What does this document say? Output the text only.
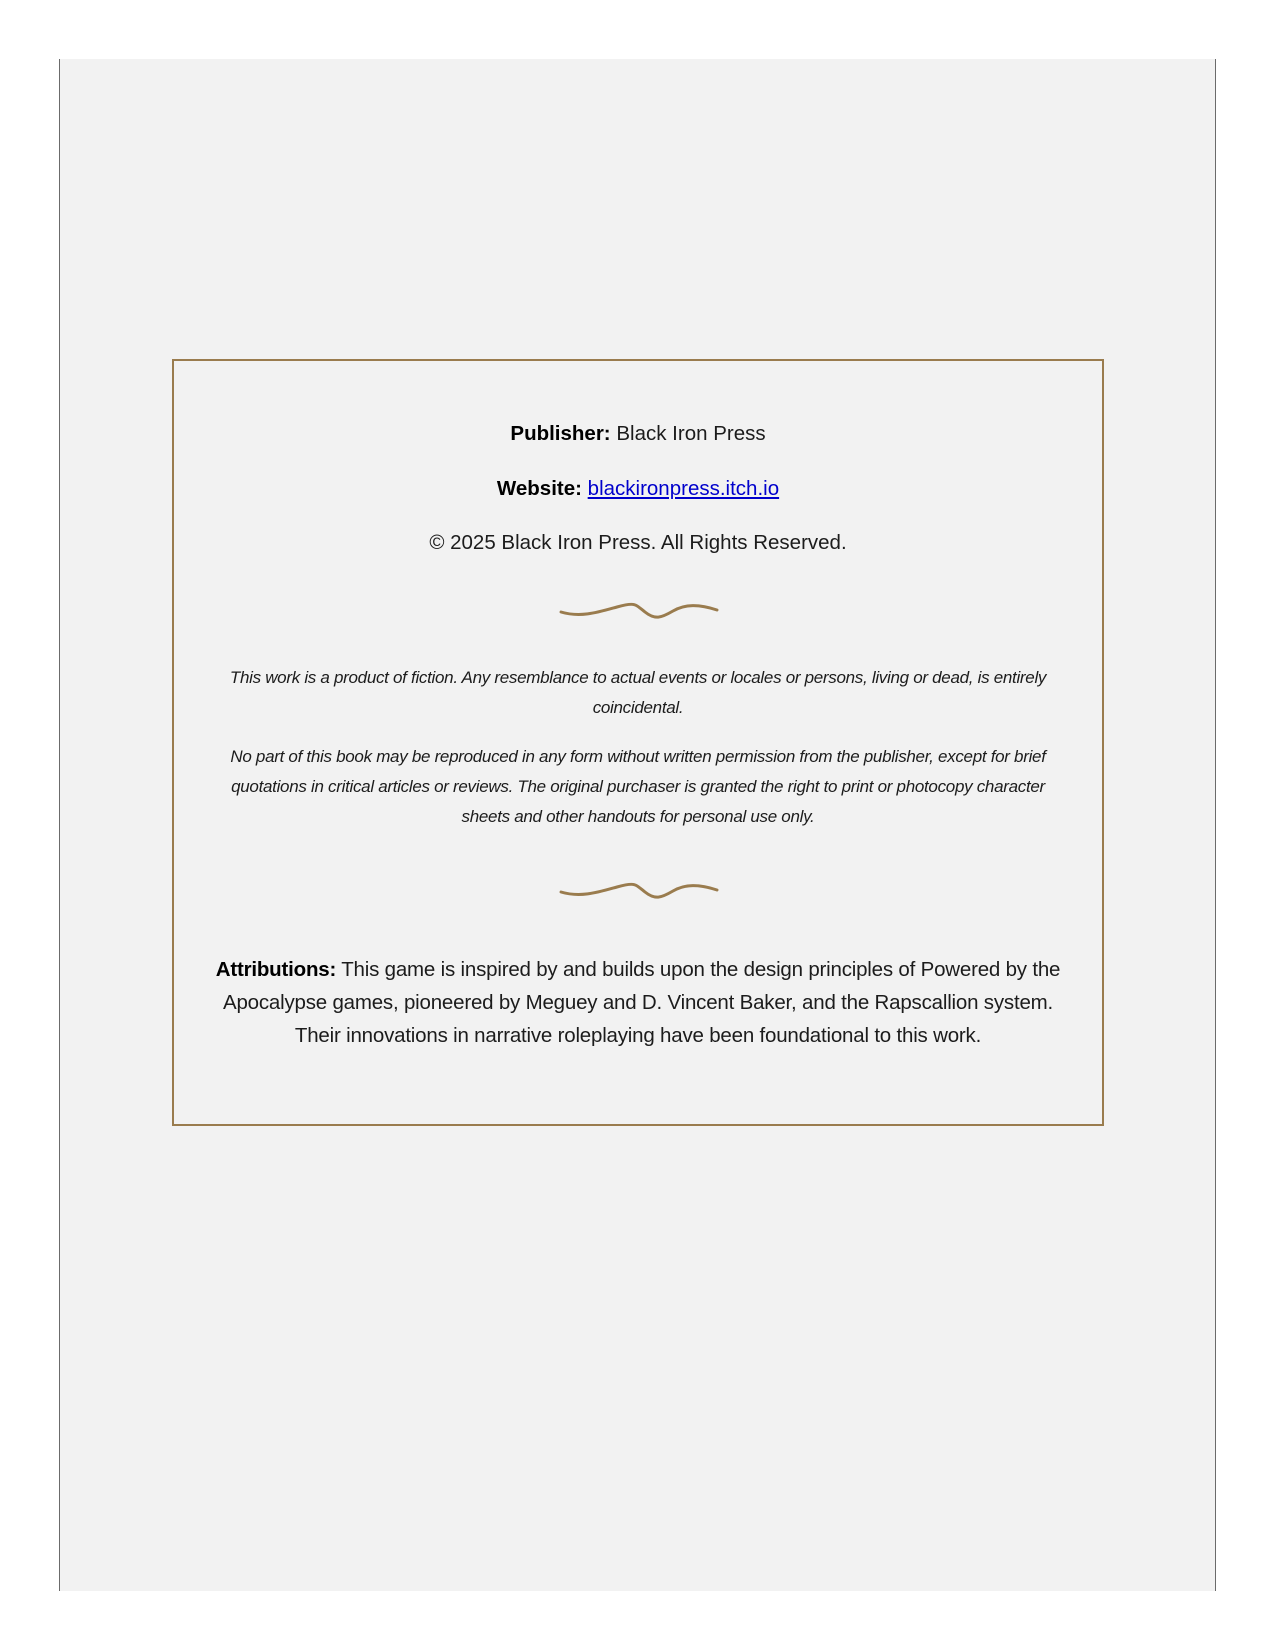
Publisher: Black Iron Press

Website: blackironpress.itch.io

© 2025 Black Iron Press. All Rights Reserved.

This work is a product of fiction. Any resemblance to actual events or locales or persons, living or dead, is entirely coincidental.

No part of this book may be reproduced in any form without written permission from the publisher, except for brief quotations in critical articles or reviews. The original purchaser is granted the right to print or photocopy character sheets and other handouts for personal use only.

Attributions: This game is inspired by and builds upon the design principles of Powered by the Apocalypse games, pioneered by Meguey and D. Vincent Baker, and the Rapscallion system. Their innovations in narrative roleplaying have been foundational to this work.
